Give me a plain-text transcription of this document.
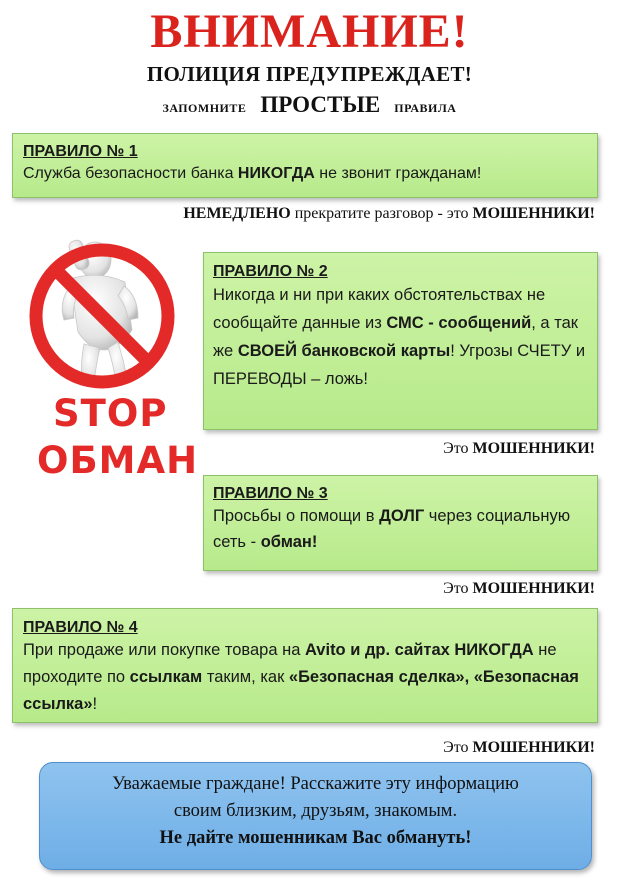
ВНИМАНИЕ!
ПОЛИЦИЯ ПРЕДУПРЕЖДАЕТ!
ЗАПОМНИТЕ ПРОСТЫЕ ПРАВИЛА
ПРАВИЛО № 1
Служба безопасности банка НИКОГДА не звонит гражданам!
НЕМЕДЛЕНО прекратите разговор - это МОШЕННИКИ!
STOP
ОБМАН
ПРАВИЛО № 2
Никогда и ни при каких обстоятельствах не сообщайте данные из СМС - сообщений, а так же СВОЕЙ банковской карты! Угрозы СЧЕТУ и ПЕРЕВОДЫ – ложь!
Это МОШЕННИКИ!
ПРАВИЛО № 3
Просьбы о помощи в ДОЛГ через социальную сеть - обман!
Это МОШЕННИКИ!
ПРАВИЛО № 4
При продаже или покупке товара на Avito и др. сайтах НИКОГДА не проходите по ссылкам таким, как «Безопасная сделка», «Безопасная ссылка»!
Это МОШЕННИКИ!
Уважаемые граждане! Расскажите эту информацию
своим близким, друзьям, знакомым.
Не дайте мошенникам Вас обмануть!
